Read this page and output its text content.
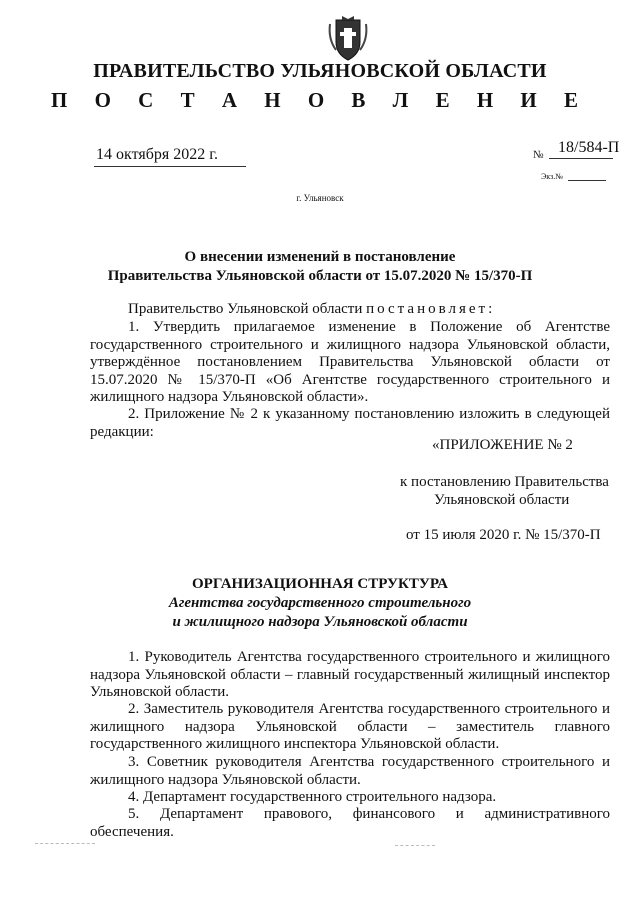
ПРАВИТЕЛЬСТВО УЛЬЯНОВСКОЙ ОБЛАСТИ
П О С Т А Н О В Л Е Н И Е
14 октября 2022 г.	№ 18/584-П
Экз.№
г. Ульяновск
О внесении изменений в постановление
Правительства Ульяновской области от 15.07.2020 № 15/370-П
Правительство Ульяновской области постановляет:
1. Утвердить прилагаемое изменение в Положение об Агентстве государственного строительного и жилищного надзора Ульяновской области, утверждённое постановлением Правительства Ульяновской области от 15.07.2020 № 15/370-П «Об Агентстве государственного строительного и жилищного надзора Ульяновской области».
2. Приложение № 2 к указанному постановлению изложить в следующей редакции:
«ПРИЛОЖЕНИЕ № 2
к постановлению Правительства
Ульяновской области
от 15 июля 2020 г. № 15/370-П
ОРГАНИЗАЦИОННАЯ СТРУКТУРА
Агентства государственного строительного
и жилищного надзора Ульяновской области
1. Руководитель Агентства государственного строительного и жилищного надзора Ульяновской области – главный государственный жилищный инспектор Ульяновской области.
2. Заместитель руководителя Агентства государственного строительного и жилищного надзора Ульяновской области – заместитель главного государственного жилищного инспектора Ульяновской области.
3. Советник руководителя Агентства государственного строительного и жилищного надзора Ульяновской области.
4. Департамент государственного строительного надзора.
5. Департамент правового, финансового и административного обеспечения.
